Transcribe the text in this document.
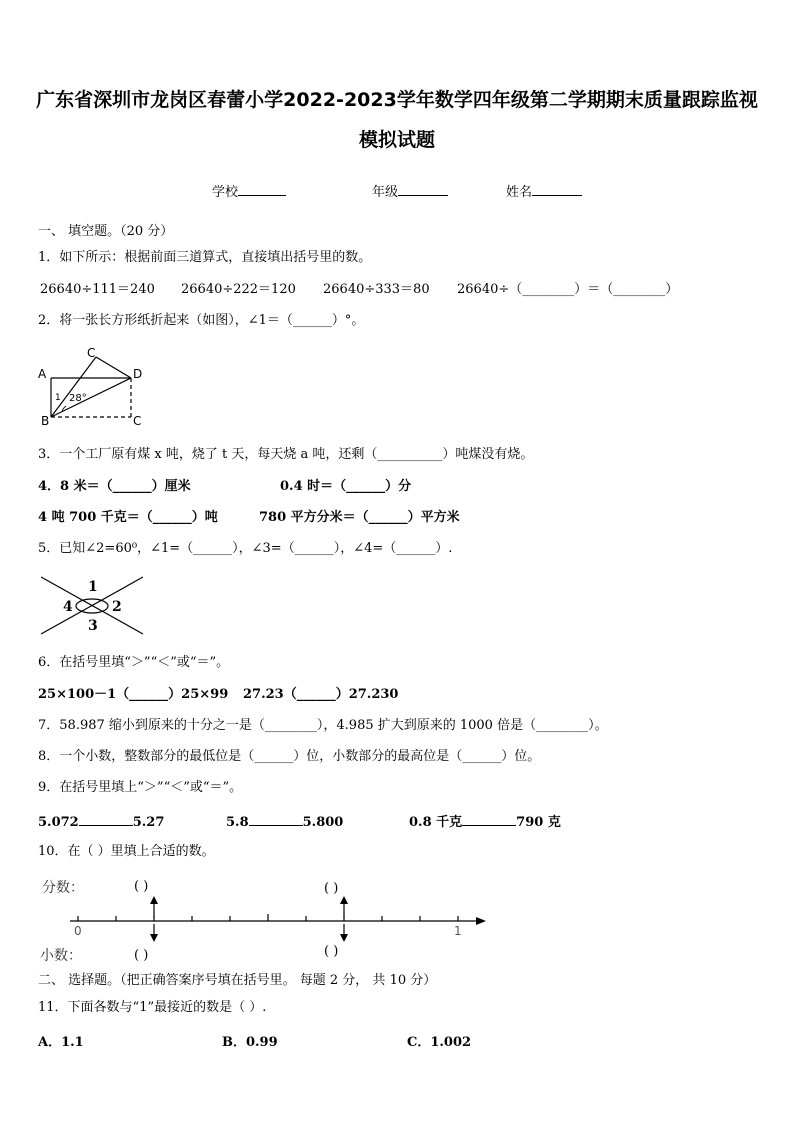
广东省深圳市龙岗区春蕾小学2022-2023学年数学四年级第二学期期末质量跟踪监视
模拟试题
学校	年级	姓名
一、 填空题。（20 分）
1．如下所示：根据前面三道算式，直接填出括号里的数。
26640÷111＝240 26640÷222＝120 26640÷333＝80 26640÷（________）＝（________）
2．将一张长方形纸折起来（如图），∠1＝（______）°。
A
B
C
D
C
1 28°
3．一个工厂原有煤 x 吨，烧了 t 天，每天烧 a 吨，还剩（__________）吨煤没有烧。
4．8 米＝（______）厘米	0.4 时＝（______）分
4 吨 700 千克＝（______）吨	780 平方分米＝（______）平方米
5．已知∠2=60⁰，∠1=（______），∠3=（______），∠4=（______）.
1
2
3
4
6．在括号里填“＞”“＜”或“＝”。
25×100－1（______）25×99 27.23（______）27.230
7．58.987 缩小到原来的十分之一是（________），4.985 扩大到原来的 1000 倍是（________）。
8．一个小数，整数部分的最低位是（______）位，小数部分的最高位是（______）位。
9．在括号里填上“＞”“＜”或“＝”。
5.072	5.27	5.8	5.800	0.8 千克	790 克
10．在（ ）里填上合适的数。
分数：
小数：
0	1
( )	( )
( )	( )
二、 选择题。（把正确答案序号填在括号里。 每题 2 分， 共 10 分）
11．下面各数与“1”最接近的数是（ ）.
A．1.1	B．0.99	C．1.002
